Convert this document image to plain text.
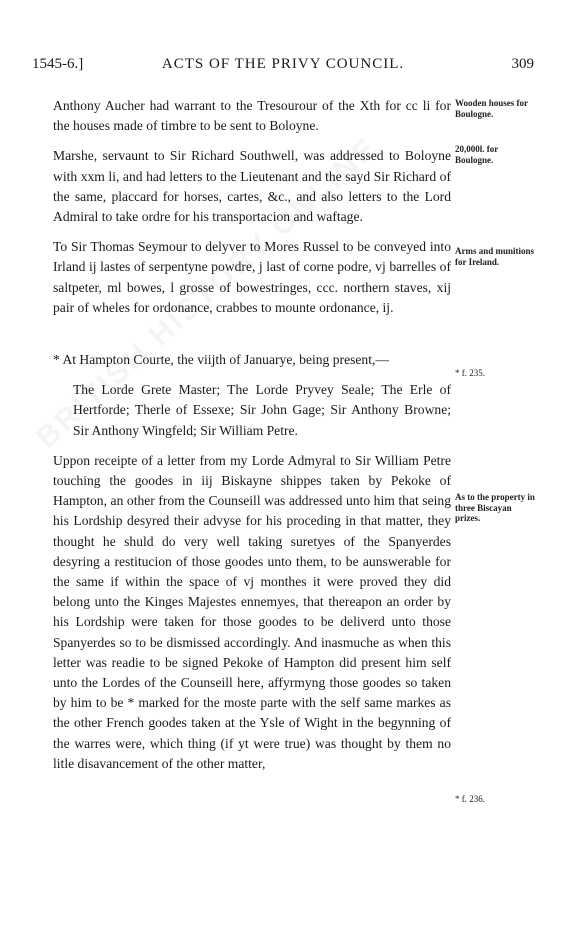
1545-6.]	ACTS OF THE PRIVY COUNCIL.	309

Anthony Aucher had warrant to the Tresourour of the Xth for cc li for the houses made of timbre to be sent to Boloyne.

Marshe, servaunt to Sir Richard Southwell, was addressed to Boloyne with xxm li, and had letters to the Lieutenant and the sayd Sir Richard of the same, placcard for horses, cartes, &c., and also letters to the Lord Admiral to take ordre for his transportacion and waftage.

To Sir Thomas Seymour to delyver to Mores Russel to be conveyed into Irland ij lastes of serpentyne powdre, j last of corne podre, vj barrelles of saltpeter, ml bowes, l grosse of bowestringes, ccc. northern staves, xij pair of wheles for ordonance, crabbes to mounte ordonance, ij.

* At Hampton Courte, the viijth of Januarye, being present,—

The Lorde Grete Master; The Lorde Pryvey Seale; The Erle of Hertforde; Therle of Essexe; Sir John Gage; Sir Anthony Browne; Sir Anthony Wingfeld; Sir William Petre.

Uppon receipte of a letter from my Lorde Admyral to Sir William Petre touching the goodes in iij Biskayne shippes taken by Pekoke of Hampton, an other from the Counseill was addressed unto him that seing his Lordship desyred their advyse for his proceding in that matter, they thought he shuld do very well taking suretyes of the Spanyerdes desyring a restitucion of those goodes unto them, to be aunswerable for the same if within the space of vj monthes it were proved they did belong unto the Kinges Majestes ennemyes, that thereapon an order by his Lordship were taken for those goodes to be deliverd unto those Spanyerdes so to be dismissed accordingly. And inasmuche as when this letter was readie to be signed Pekoke of Hampton did present him self unto the Lordes of the Counseill here, affyrmyng those goodes so taken by him to be * marked for the moste parte with the self same markes as the other French goodes taken at the Ysle of Wight in the begynning of the warres were, which thing (if yt were true) was thought by them no litle disavancement of the other matter,

Wooden houses for Boulogne.
20,000l. for Boulogne.
Arms and munitions for Ireland.
* f. 235.
As to the property in three Biscayan prizes.
* f. 236.
